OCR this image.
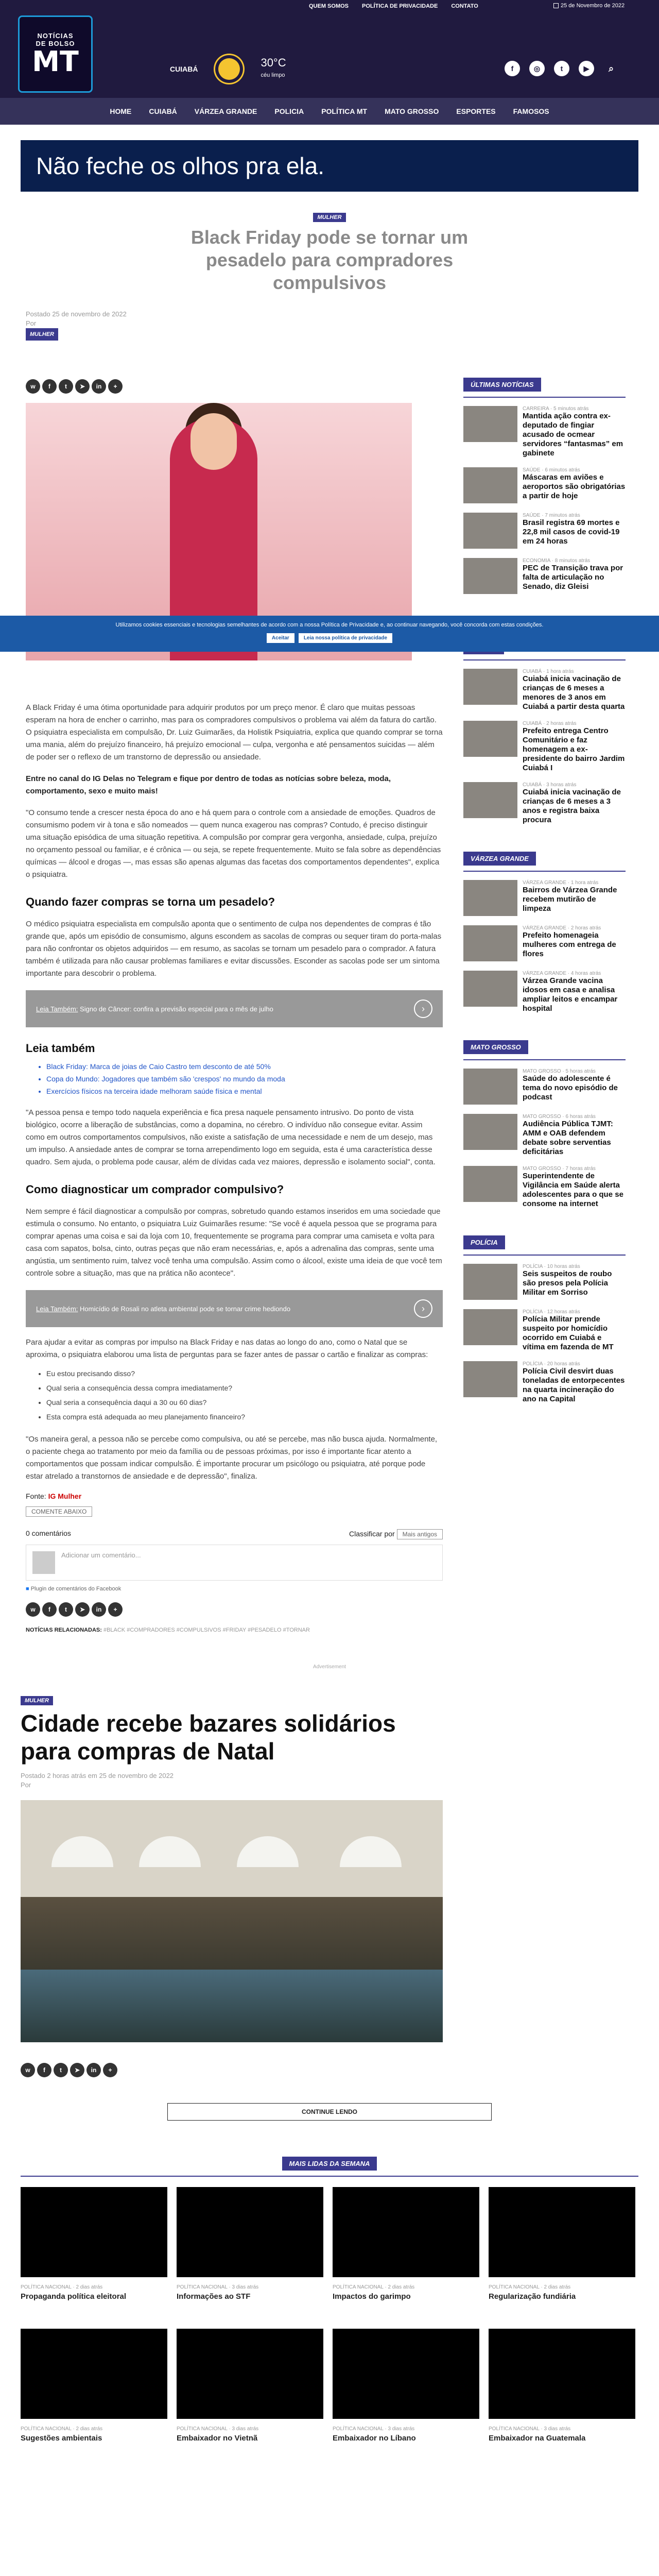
QUEM SOMOS POLÍTICA DE PRIVACIDADE CONTATO	25 de Novembro de 2022
NOTÍCIAS
DE BOLSO
MT	CUIABÁ	30°C
céu limpo
f	◎	t	▶	⌕
HOME CUIABÁ VÁRZEA GRANDE POLICIA POLÍTICA MT MATO GROSSO ESPORTES FAMOSOS
Não feche os olhos pra ela.
MULHER
Black Friday pode se tornar um pesadelo para compradores compulsivos
Postado 25 de novembro de 2022
Por
MULHER
w	f	t	➤	in	+

A Black Friday é uma ótima oportunidade para adquirir produtos por um preço menor. É claro que muitas pessoas esperam na hora de encher o carrinho, mas para os compradores compulsivos o problema vai além da fatura do cartão. O psiquiatra especialista em compulsão, Dr. Luiz Guimarães, da Holistik Psiquiatria, explica que quando comprar se torna uma mania, além do prejuízo financeiro, há prejuízo emocional — culpa, vergonha e até pensamentos suicidas — além de poder ser o reflexo de um transtorno de depressão ou ansiedade.

Entre no canal do IG Delas no Telegram e fique por dentro de todas as notícias sobre beleza, moda, comportamento, sexo e muito mais!

"O consumo tende a crescer nesta época do ano e há quem para o controle com a ansiedade de emoções. Quadros de consumismo podem vir à tona e são nomeados — quem nunca exagerou nas compras? Contudo, é preciso distinguir uma situação episódica de uma situação repetitiva. A compulsão por comprar gera vergonha, ansiedade, culpa, prejuízo no orçamento pessoal ou familiar, e é crônica — ou seja, se repete frequentemente. Muito se fala sobre as dependências químicas — álcool e drogas —, mas essas são apenas algumas das facetas dos comportamentos dependentes", explica o psiquiatra.

Quando fazer compras se torna um pesadelo?

O médico psiquiatra especialista em compulsão aponta que o sentimento de culpa nos dependentes de compras é tão grande que, após um episódio de consumismo, alguns escondem as sacolas de compras ou sequer tiram do porta-malas para não confrontar os objetos adquiridos — em resumo, as sacolas se tornam um pesadelo para o comprador. A fatura também é utilizada para não causar problemas familiares e evitar discussões. Esconder as sacolas pode ser um sintoma importante para descobrir o problema.

Leia Também: Signo de Câncer: confira a previsão especial para o mês de julho	›
Leia também
• Black Friday: Marca de joias de Caio Castro tem desconto de até 50%
• Copa do Mundo: Jogadores que também são 'crespos' no mundo da moda
• Exercícios físicos na terceira idade melhoram saúde física e mental

"A pessoa pensa e tempo todo naquela experiência e fica presa naquele pensamento intrusivo. Do ponto de vista biológico, ocorre a liberação de substâncias, como a dopamina, no cérebro. O indivíduo não consegue evitar. Assim como em outros comportamentos compulsivos, não existe a satisfação de uma necessidade e nem de um desejo, mas um impulso. A ansiedade antes de comprar se torna arrependimento logo em seguida, esta é uma característica desse quadro. Sem ajuda, o problema pode causar, além de dívidas cada vez maiores, depressão e isolamento social", conta.

Como diagnosticar um comprador compulsivo?

Nem sempre é fácil diagnosticar a compulsão por compras, sobretudo quando estamos inseridos em uma sociedade que estimula o consumo. No entanto, o psiquiatra Luiz Guimarães resume: "Se você é aquela pessoa que se programa para comprar apenas uma coisa e sai da loja com 10, frequentemente se programa para comprar uma camiseta e volta para casa com sapatos, bolsa, cinto, outras peças que não eram necessárias, e, após a adrenalina das compras, sente uma angústia, um sentimento ruim, talvez você tenha uma compulsão. Assim como o álcool, existe uma ideia de que você tem controle sobre a situação, mas que na prática não acontece".

Leia Também: Homicídio de Rosali no atleta ambiental pode se tornar crime hediondo	›

Para ajudar a evitar as compras por impulso na Black Friday e nas datas ao longo do ano, como o Natal que se aproxima, o psiquiatra elaborou uma lista de perguntas para se fazer antes de passar o cartão e finalizar as compras:

• Eu estou precisando disso?
• Qual seria a consequência dessa compra imediatamente?
• Qual seria a consequência daqui a 30 ou 60 dias?
• Esta compra está adequada ao meu planejamento financeiro?

"Os maneira geral, a pessoa não se percebe como compulsiva, ou até se percebe, mas não busca ajuda. Normalmente, o paciente chega ao tratamento por meio da família ou de pessoas próximas, por isso é importante ficar atento a comportamentos que possam indicar compulsão. É importante procurar um psicólogo ou psiquiatra, até porque pode estar atrelado a transtornos de ansiedade e de depressão", finaliza.

Fonte: IG Mulher
COMENTE ABAIXO
0 comentários	Classificar por Mais antigos
Adicionar um comentário...
■ Plugin de comentários do Facebook
w	f	t	➤	in	+
NOTÍCIAS RELACIONADAS: #BLACK #COMPRADORES #COMPULSIVOS #FRIDAY #PESADELO #TORNAR
ÚLTIMAS NOTÍCIAS
CARREIRA · 5 minutos atrás
Mantida ação contra ex-deputado de fingiar acusado de ocmear servidores “fantasmas” em gabinete
SAÚDE · 6 minutos atrás
Máscaras em aviões e aeroportos são obrigatórias a partir de hoje
SAÚDE · 7 minutos atrás
Brasil registra 69 mortes e 22,8 mil casos de covid-19 em 24 horas
ECONOMIA · 8 minutos atrás
PEC de Transição trava por falta de articulação no Senado, diz Gleisi
CUIABÁ · 1 hora atrás
Cuiabá inicia vacinação de crianças de 6 meses a menores de 3 anos em Cuiabá a partir desta quarta
CUIABÁ · 2 horas atrás
Prefeito entrega Centro Comunitário e faz homenagem a ex-presidente do bairro Jardim Cuiabá I
CUIABÁ · 3 horas atrás
Cuiabá inicia vacinação de crianças de 6 meses a 3 anos e registra baixa procura
VÁRZEA GRANDE
VÁRZEA GRANDE · 1 hora atrás
Bairros de Várzea Grande recebem mutirão de limpeza
VÁRZEA GRANDE · 2 horas atrás
Prefeito homenageia mulheres com entrega de flores
VÁRZEA GRANDE · 4 horas atrás
Várzea Grande vacina idosos em casa e analisa ampliar leitos e encampar hospital
MATO GROSSO
MATO GROSSO · 5 horas atrás
Saúde do adolescente é tema do novo episódio de podcast
MATO GROSSO · 6 horas atrás
Audiência Pública TJMT: AMM e OAB defendem debate sobre serventias deficitárias
MATO GROSSO · 7 horas atrás
Superintendente de Vigilância em Saúde alerta adolescentes para o que se consome na internet
POLÍCIA
POLÍCIA · 10 horas atrás
Seis suspeitos de roubo são presos pela Polícia Militar em Sorriso
POLÍCIA · 12 horas atrás
Polícia Militar prende suspeito por homicídio ocorrido em Cuiabá e vítima em fazenda de MT
POLÍCIA · 20 horas atrás
Polícia Civil desvirt duas toneladas de entorpecentes na quarta incineração do ano na Capital
Utilizamos cookies essenciais e tecnologias semelhantes de acordo com a nossa Política de Privacidade e, ao continuar navegando, você concorda com estas condições.
Aceitar	Leia nossa política de privacidade
Advertisement
MULHER
Cidade recebe bazares solidários para compras de Natal
Postado 2 horas atrás em 25 de novembro de 2022
Por
w	f	t	➤	in	+
CONTINUE LENDO
MAIS LIDAS DA SEMANA
POLÍTICA NACIONAL · 2 dias atrás
Propaganda política eleitoral
POLÍTICA NACIONAL · 3 dias atrás
Informações ao STF
POLÍTICA NACIONAL · 2 dias atrás
Impactos do garimpo
POLÍTICA NACIONAL · 2 dias atrás
Regularização fundiária
POLÍTICA NACIONAL · 2 dias atrás
Sugestões ambientais
POLÍTICA NACIONAL · 3 dias atrás
Embaixador no Vietnã
POLÍTICA NACIONAL · 3 dias atrás
Embaixador no Líbano
POLÍTICA NACIONAL · 3 dias atrás
Embaixador na Guatemala
